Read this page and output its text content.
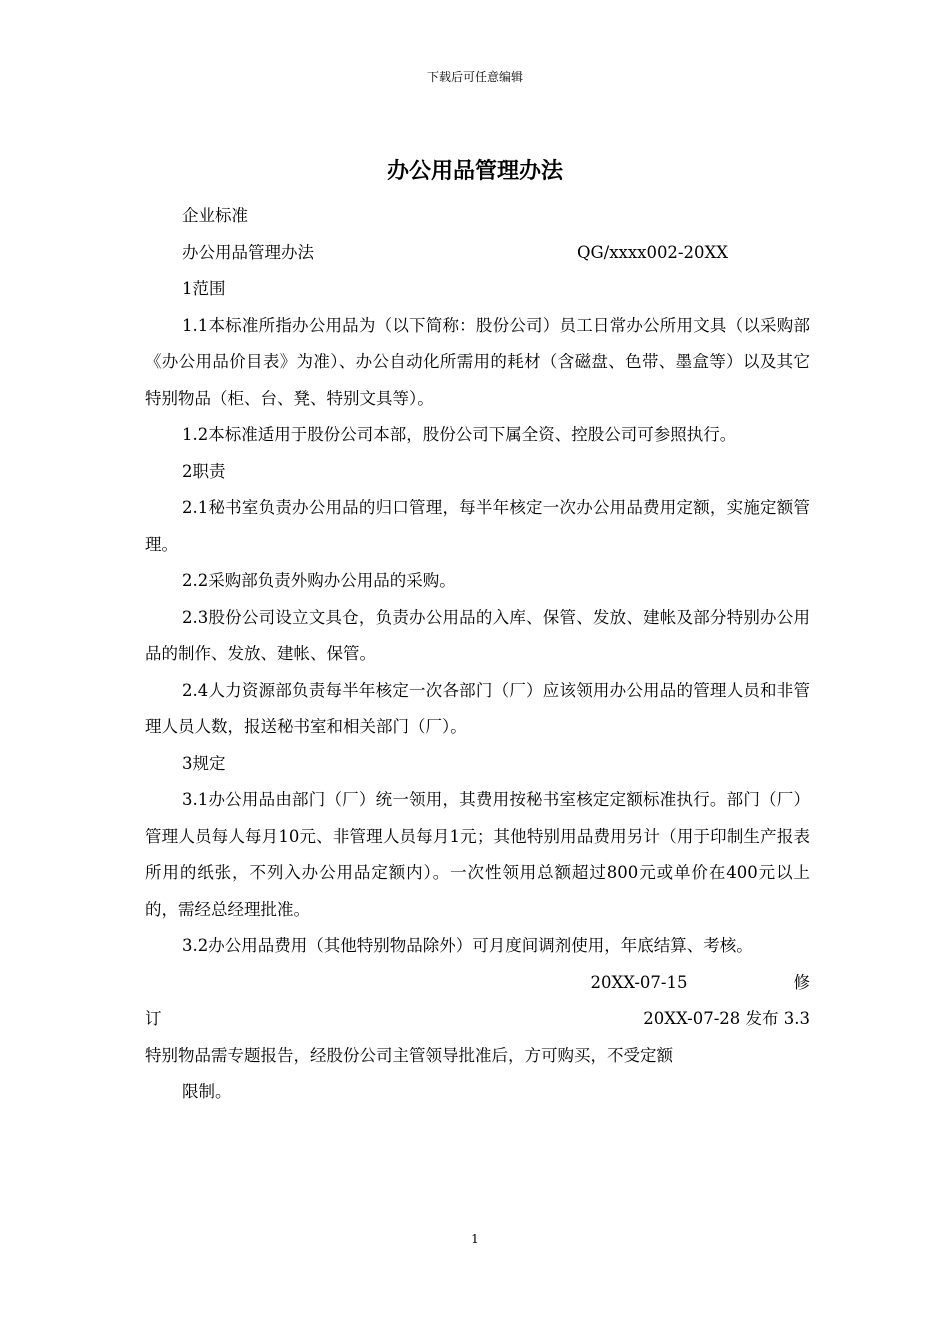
下载后可任意编辑
办公用品管理办法

企业标准

办公用品管理办法	QG/xxxx002-20XX

1范围

1.1本标准所指办公用品为（以下简称：股份公司）员工日常办公所用文具（以采购部《办公用品价目表》为准）、办公自动化所需用的耗材（含磁盘、色带、墨盒等）以及其它特别物品（柜、台、凳、特别文具等）。

1.2本标准适用于股份公司本部，股份公司下属全资、控股公司可参照执行。

2职责

2.1秘书室负责办公用品的归口管理，每半年核定一次办公用品费用定额，实施定额管理。

2.2采购部负责外购办公用品的采购。

2.3股份公司设立文具仓，负责办公用品的入库、保管、发放、建帐及部分特别办公用品的制作、发放、建帐、保管。

2.4人力资源部负责每半年核定一次各部门（厂）应该领用办公用品的管理人员和非管理人员人数，报送秘书室和相关部门（厂）。

3规定

3.1办公用品由部门（厂）统一领用，其费用按秘书室核定定额标准执行。部门（厂）管理人员每人每月10元、非管理人员每月1元；其他特别用品费用另计（用于印制生产报表所用的纸张，不列入办公用品定额内）。一次性领用总额超过800元或单价在400元以上的，需经总经理批准。

3.2办公用品费用（其他特别物品除外）可月度间调剂使用，年底结算、考核。

20XX-07-15	修
订	20XX-07-28 发布 3.3

特别物品需专题报告，经股份公司主管领导批准后，方可购买，不受定额

限制。

1
